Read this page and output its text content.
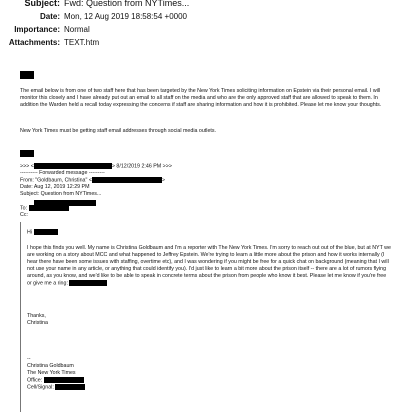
Subject: Fwd: Question from NYTimes...
Date: Mon, 12 Aug 2019 18:58:54 +0000
Importance: Normal
Attachments: TEXT.htm

The email below is from one of two staff here that has been targeted by the New York Times soliciting information on Epstein via their personal email. I will monitor this closely and I have already put out an email to all staff on the media and who are the only approved staff that are allowed to speak to them. In addition the Warden held a recall today expressing the concerns if staff are sharing information and how it is prohibited. Please let me know your thoughts.

New York Times must be getting staff email addresses through social media outlets.

>>> <	> 8/12/2019 2:46 PM >>>
---------- Forwarded message ---------
From: "Goldbaum, Christina" <	>
Date: Aug 12, 2019 12:29 PM
Subject: Question from NYTimes...
To:
Cc:
Hi

I hope this finds you well. My name is Christina Goldbaum and I'm a reporter with The New York Times. I'm sorry to reach out out of the blue, but at NYT we are working on a story about MCC and what happened to Jeffrey Epstein. We're trying to learn a little more about the prison and how it works internally (I hear there have been some issues with staffing, overtime etc), and I was wondering if you might be free for a quick chat on background (meaning that I will not use your name in any article, or anything that could identify you). I'd just like to learn a bit more about the prison itself -- there are a lot of rumors flying around, as you know, and we'd like to be able to speak in concrete terms about the prison from people who know it best. Please let me know if you're free or give me a ring:

Thanks,
Christina
--
Christina Goldbaum
The New York Times
Office:
Cell/Signal:
